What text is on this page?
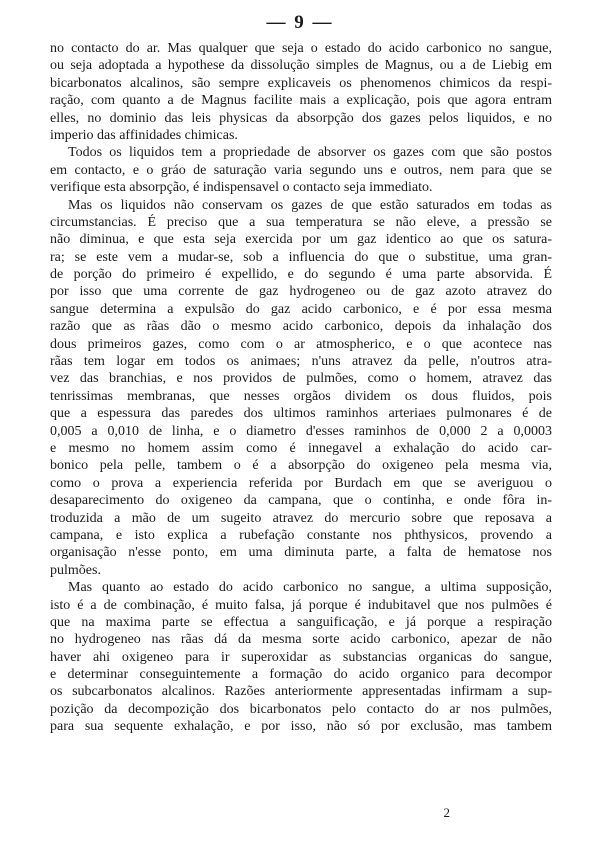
— 9 —
no contacto do ar. Mas qualquer que seja o estado do acido carbonico no sangue,
ou seja adoptada a hypothese da dissolução simples de Magnus, ou a de Liebig em
bicarbonatos alcalinos, são sempre explicaveis os phenomenos chimicos da respi-
ração, com quanto a de Magnus facilite mais a explicação, pois que agora entram
elles, no dominio das leis physicas da absorpção dos gazes pelos liquidos, e no
imperio das affinidades chimicas.
Todos os liquidos tem a propriedade de absorver os gazes com que são postos
em contacto, e o gráo de saturação varia segundo uns e outros, nem para que se
verifique esta absorpção, é indispensavel o contacto seja immediato.
Mas os liquidos não conservam os gazes de que estão saturados em todas as
circumstancias. É preciso que a sua temperatura se não eleve, a pressão se
não diminua, e que esta seja exercida por um gaz identico ao que os satura-
ra; se este vem a mudar-se, sob a influencia do que o substitue, uma gran-
de porção do primeiro é expellido, e do segundo é uma parte absorvida. É
por isso que uma corrente de gaz hydrogeneo ou de gaz azoto atravez do
sangue determina a expulsão do gaz acido carbonico, e é por essa mesma
razão que as rãas dão o mesmo acido carbonico, depois da inhalação dos
dous primeiros gazes, como com o ar atmospherico, e o que acontece nas
rãas tem logar em todos os animaes; n'uns atravez da pelle, n'outros atra-
vez das branchias, e nos providos de pulmões, como o homem, atravez das
tenrissimas membranas, que nesses orgãos dividem os dous fluidos, pois
que a espessura das paredes dos ultimos raminhos arteriaes pulmonares é de
0,005 a 0,010 de linha, e o diametro d'esses raminhos de 0,000 2 a 0,0003
e mesmo no homem assim como é innegavel a exhalação do acido car-
bonico pela pelle, tambem o é a absorpção do oxigeneo pela mesma via,
como o prova a experiencia referida por Burdach em que se averiguou o
desaparecimento do oxigeneo da campana, que o continha, e onde fôra in-
troduzida a mão de um sugeito atravez do mercurio sobre que reposava a
campana, e isto explica a rubefação constante nos phthysicos, provendo a
organisação n'esse ponto, em uma diminuta parte, a falta de hematose nos
pulmões.
Mas quanto ao estado do acido carbonico no sangue, a ultima supposição,
isto é a de combinação, é muito falsa, já porque é indubitavel que nos pulmões é
que na maxima parte se effectua a sanguificação, e já porque a respiração
no hydrogeneo nas rãas dá da mesma sorte acido carbonico, apezar de não
haver ahi oxigeneo para ir superoxidar as substancias organicas do sangue,
e determinar conseguintemente a formação do acido organico para decompor
os subcarbonatos alcalinos. Razões anteriormente appresentadas infirmam a sup-
pozição da decompozição dos bicarbonatos pelo contacto do ar nos pulmões,
para sua sequente exhalação, e por isso, não só por exclusão, mas tambem
2
